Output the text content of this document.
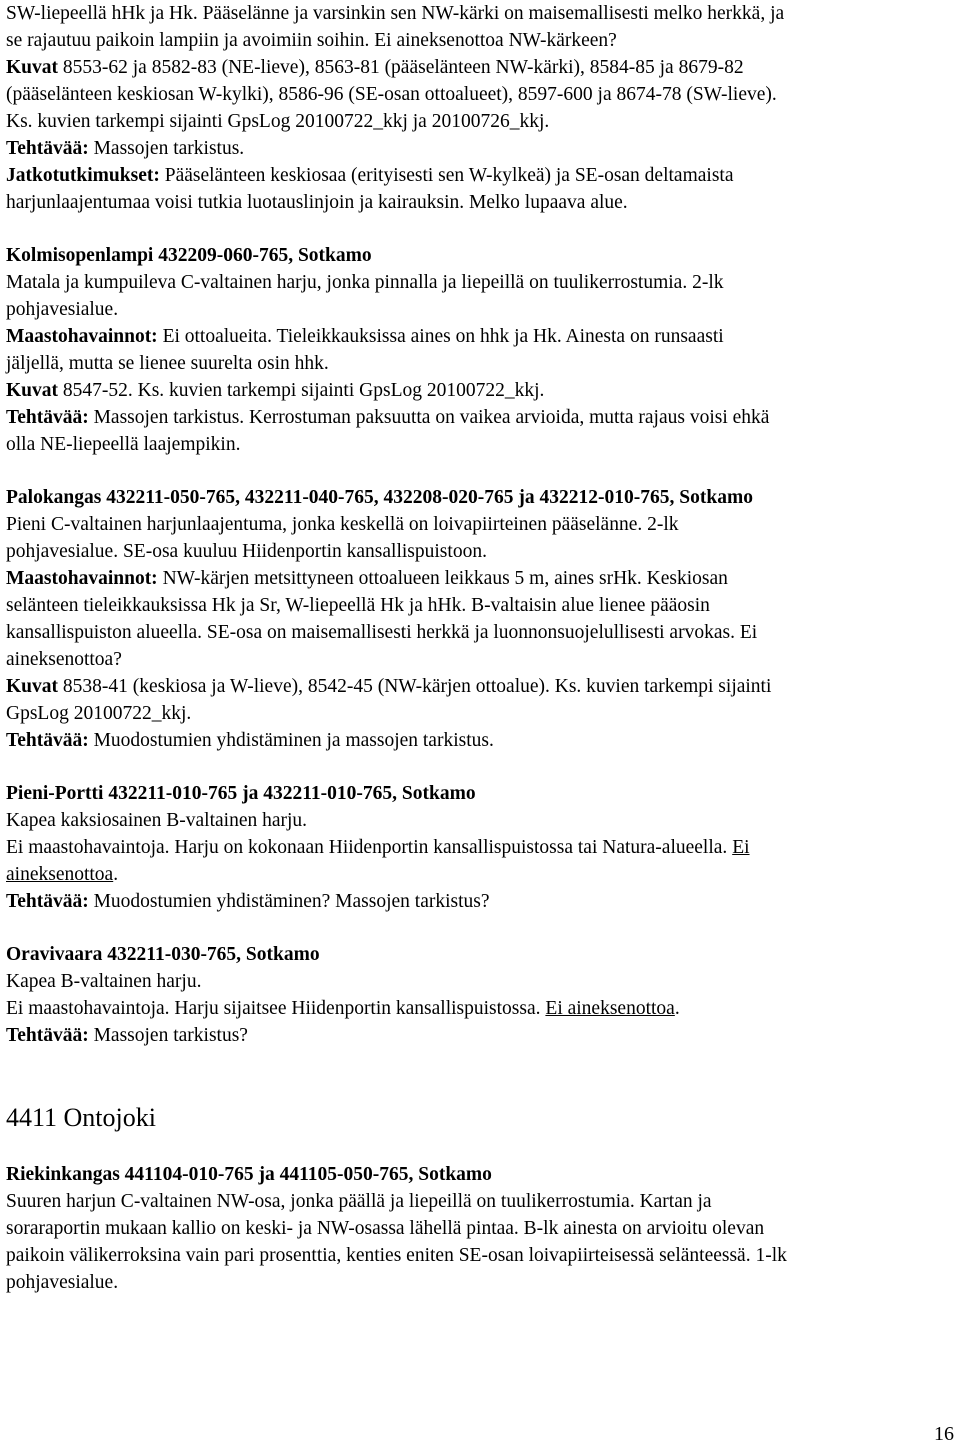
SW-liepeellä hHk ja Hk. Pääselänne ja varsinkin sen NW-kärki on maisemallisesti melko herkkä, ja
se rajautuu paikoin lampiin ja avoimiin soihin. Ei aineksenottoa NW-kärkeen?
Kuvat 8553-62 ja 8582-83 (NE-lieve), 8563-81 (pääselänteen NW-kärki), 8584-85 ja 8679-82
(pääselänteen keskiosan W-kylki), 8586-96 (SE-osan ottoalueet), 8597-600 ja 8674-78 (SW-lieve).
Ks. kuvien tarkempi sijainti GpsLog 20100722_kkj ja 20100726_kkj.
Tehtävää: Massojen tarkistus.
Jatkotutkimukset: Pääselänteen keskiosaa (erityisesti sen W-kylkeä) ja SE-osan deltamaista
harjunlaajentumaa voisi tutkia luotauslinjoin ja kairauksin. Melko lupaava alue.
Kolmisopenlampi 432209-060-765, Sotkamo
Matala ja kumpuileva C-valtainen harju, jonka pinnalla ja liepeillä on tuulikerrostumia. 2-lk
pohjavesialue.
Maastohavainnot: Ei ottoalueita. Tieleikkauksissa aines on hhk ja Hk. Ainesta on runsaasti
jäljellä, mutta se lienee suurelta osin hhk.
Kuvat 8547-52. Ks. kuvien tarkempi sijainti GpsLog 20100722_kkj.
Tehtävää: Massojen tarkistus. Kerrostuman paksuutta on vaikea arvioida, mutta rajaus voisi ehkä
olla NE-liepeellä laajempikin.
Palokangas 432211-050-765, 432211-040-765, 432208-020-765 ja 432212-010-765, Sotkamo
Pieni C-valtainen harjunlaajentuma, jonka keskellä on loivapiirteinen pääselänne. 2-lk
pohjavesialue. SE-osa kuuluu Hiidenportin kansallispuistoon.
Maastohavainnot: NW-kärjen metsittyneen ottoalueen leikkaus 5 m, aines srHk. Keskiosan
selänteen tieleikkauksissa Hk ja Sr, W-liepeellä Hk ja hHk. B-valtaisin alue lienee pääosin
kansallispuiston alueella. SE-osa on maisemallisesti herkkä ja luonnonsuojelullisesti arvokas. Ei
aineksenottoa?
Kuvat 8538-41 (keskiosa ja W-lieve), 8542-45 (NW-kärjen ottoalue). Ks. kuvien tarkempi sijainti
GpsLog 20100722_kkj.
Tehtävää: Muodostumien yhdistäminen ja massojen tarkistus.
Pieni-Portti 432211-010-765 ja 432211-010-765, Sotkamo
Kapea kaksiosainen B-valtainen harju.
Ei maastohavaintoja. Harju on kokonaan Hiidenportin kansallispuistossa tai Natura-alueella. Ei
aineksenottoa.
Tehtävää: Muodostumien yhdistäminen? Massojen tarkistus?
Oravivaara 432211-030-765, Sotkamo
Kapea B-valtainen harju.
Ei maastohavaintoja. Harju sijaitsee Hiidenportin kansallispuistossa. Ei aineksenottoa.
Tehtävää: Massojen tarkistus?
4411 Ontojoki
Riekinkangas 441104-010-765 ja 441105-050-765, Sotkamo
Suuren harjun C-valtainen NW-osa, jonka päällä ja liepeillä on tuulikerrostumia. Kartan ja
soraraportin mukaan kallio on keski- ja NW-osassa lähellä pintaa. B-lk ainesta on arvioitu olevan
paikoin välikerroksina vain pari prosenttia, kenties eniten SE-osan loivapiirteisessä selänteessä. 1-lk
pohjavesialue.
16
